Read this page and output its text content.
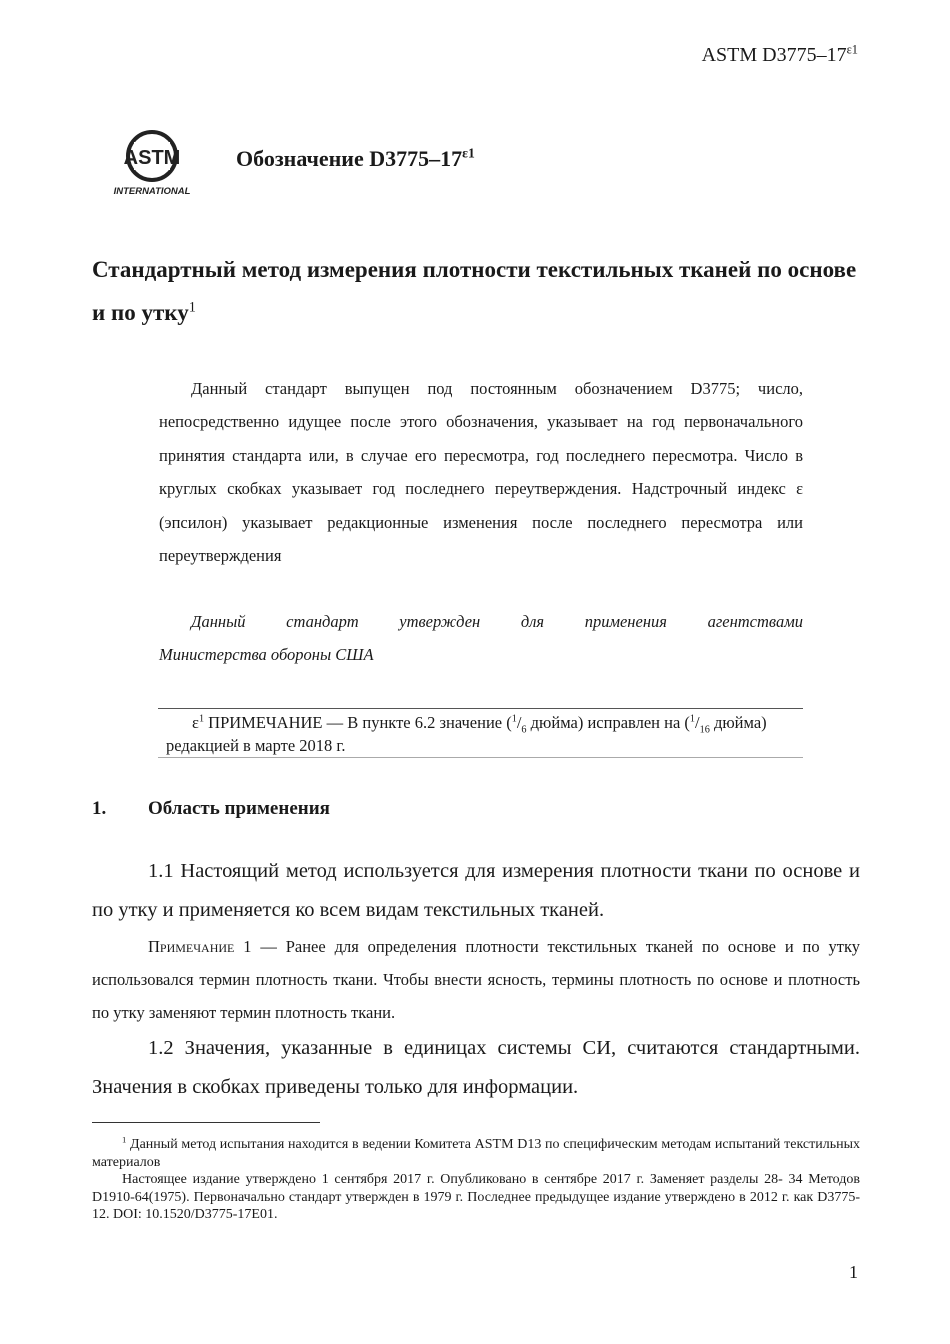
ASTM $D3775-17^{\varepsilon 1}$
ASTM
INTERNATIONAL
Обозначение $D3775-17^{\varepsilon 1}$
Стандартный метод измерения плотности текстильных тканей по основе и по утку$^1$
Данный стандарт выпущен под постоянным обозначением D3775; число, непосредственно идущее после этого обозначения, указывает на год первоначального принятия стандарта или, в случае его пересмотра, год последнего пересмотра. Число в круглых скобках указывает год последнего переутверждения. Надстрочный индекс ε (эпсилон) указывает редакционные изменения после последнего пересмотра или переутверждения
Данный стандарт утвержден для применения агентствами
Министерства обороны США
$\varepsilon^1$ ПРИМЕЧАНИЕ — В пункте 6.2 значение ($^1/_6$ дюйма) исправлен на ($^1/_{16}$ дюйма) редакцией в марте 2018 г.
1. Область применения
1.1 Настоящий метод используется для измерения плотности ткани по основе и по утку и применяется ко всем видам текстильных тканей.
Примечание 1 — Ранее для определения плотности текстильных тканей по основе и по утку использовался термин плотность ткани. Чтобы внести ясность, термины плотность по основе и плотность по утку заменяют термин плотность ткани.
1.2 Значения, указанные в единицах системы СИ, считаются стандартными. Значения в скобках приведены только для информации.

$^1$ Данный метод испытания находится в ведении Комитета ASTM D13 по специфическим методам испытаний текстильных материалов

Настоящее издание утверждено 1 сентября 2017 г. Опубликовано в сентябре 2017 г. Заменяет разделы 28- 34 Методов D1910-64(1975). Первоначально стандарт утвержден в 1979 г. Последнее предыдущее издание утверждено в 2012 г. как D3775-12. DOI: 10.1520/D3775-17E01.

1
